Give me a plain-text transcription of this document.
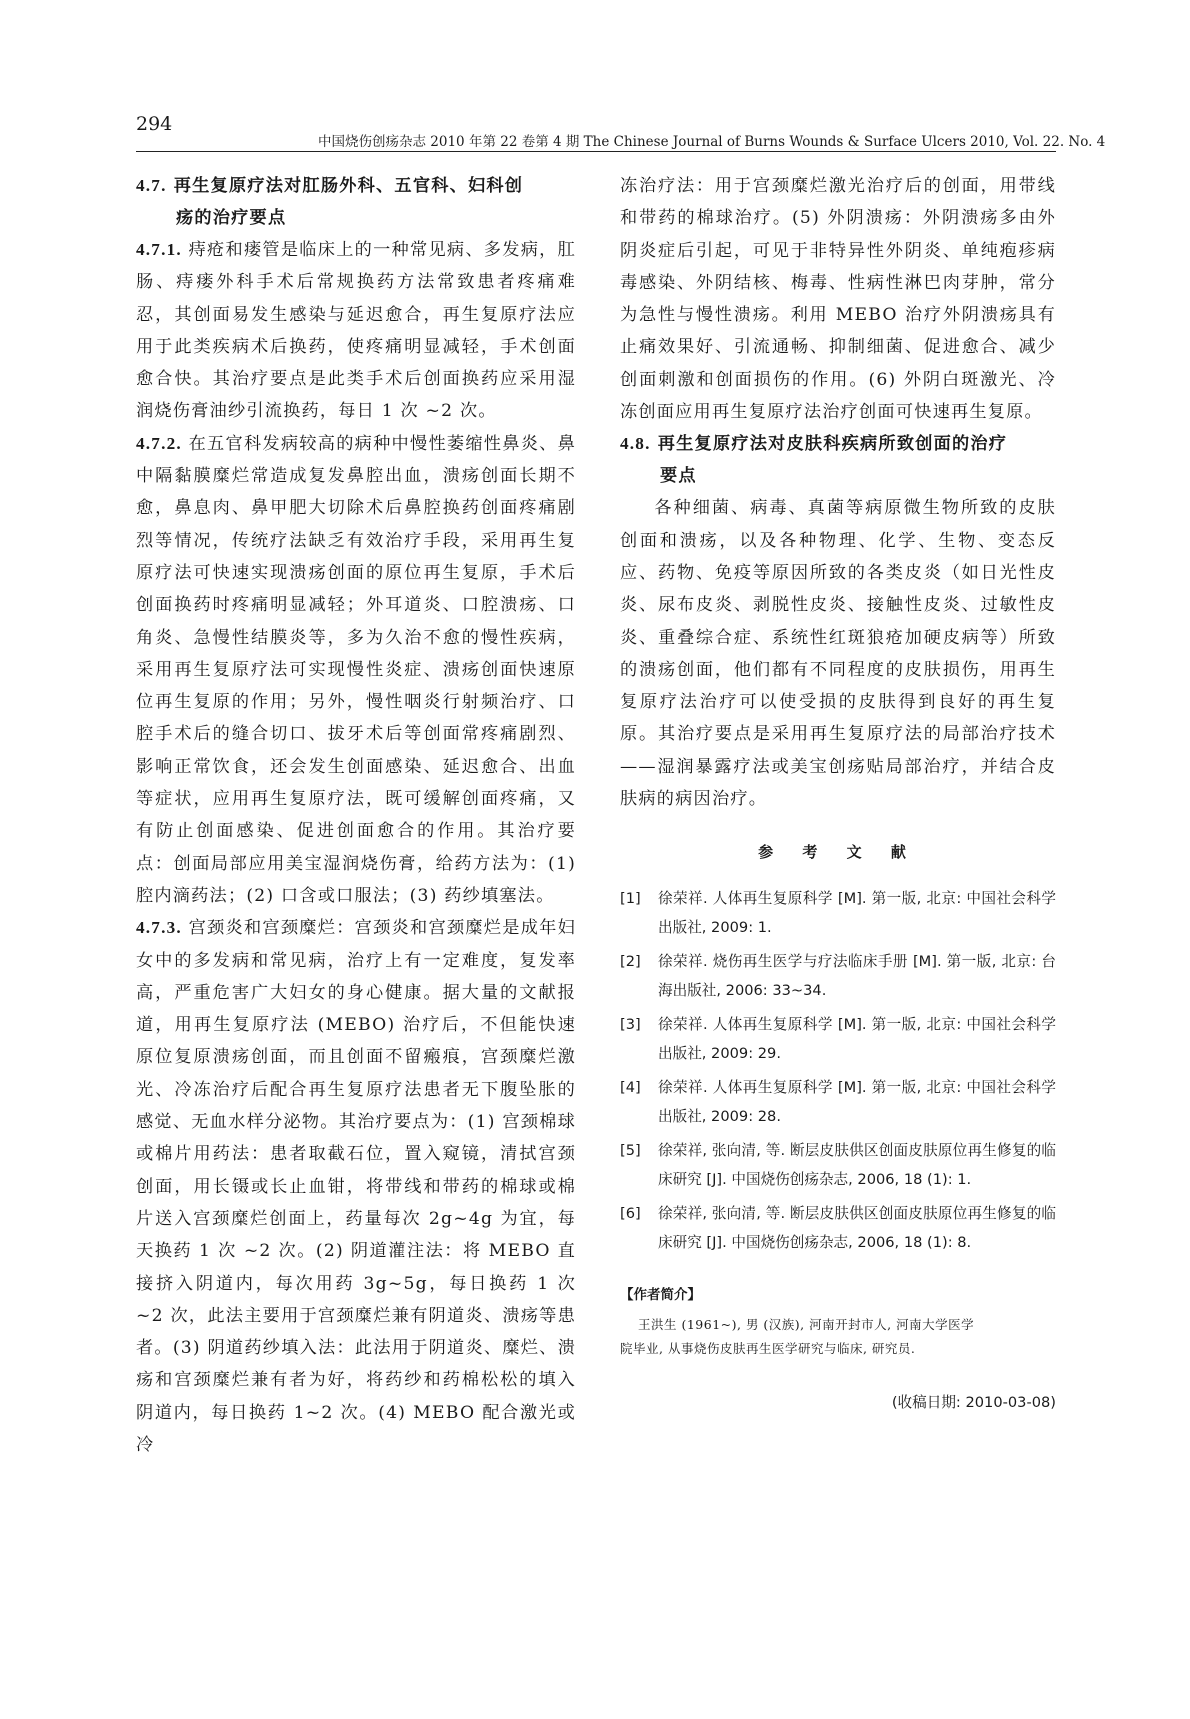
294
中国烧伤创疡杂志 2010 年第 22 卷第 4 期 The Chinese Journal of Burns Wounds & Surface Ulcers 2010, Vol. 22. No. 4
4.7. 再生复原疗法对肛肠外科、五官科、妇科创
疡的治疗要点

4.7.1. 痔疮和瘘管是临床上的一种常见病、多发病，肛肠、痔瘘外科手术后常规换药方法常致患者疼痛难忍，其创面易发生感染与延迟愈合，再生复原疗法应用于此类疾病术后换药，使疼痛明显减轻，手术创面愈合快。其治疗要点是此类手术后创面换药应采用湿润烧伤膏油纱引流换药，每日 1 次 ~2 次。

4.7.2. 在五官科发病较高的病种中慢性萎缩性鼻炎、鼻中隔黏膜糜烂常造成复发鼻腔出血，溃疡创面长期不愈，鼻息肉、鼻甲肥大切除术后鼻腔换药创面疼痛剧烈等情况，传统疗法缺乏有效治疗手段，采用再生复原疗法可快速实现溃疡创面的原位再生复原，手术后创面换药时疼痛明显减轻；外耳道炎、口腔溃疡、口角炎、急慢性结膜炎等，多为久治不愈的慢性疾病，采用再生复原疗法可实现慢性炎症、溃疡创面快速原位再生复原的作用；另外，慢性咽炎行射频治疗、口腔手术后的缝合切口、拔牙术后等创面常疼痛剧烈、影响正常饮食，还会发生创面感染、延迟愈合、出血等症状，应用再生复原疗法，既可缓解创面疼痛，又有防止创面感染、促进创面愈合的作用。其治疗要点：创面局部应用美宝湿润烧伤膏，给药方法为：(1) 腔内滴药法；(2) 口含或口服法；(3) 药纱填塞法。

4.7.3. 宫颈炎和宫颈糜烂：宫颈炎和宫颈糜烂是成年妇女中的多发病和常见病，治疗上有一定难度，复发率高，严重危害广大妇女的身心健康。据大量的文献报道，用再生复原疗法 (MEBO) 治疗后，不但能快速原位复原溃疡创面，而且创面不留瘢痕，宫颈糜烂激光、冷冻治疗后配合再生复原疗法患者无下腹坠胀的感觉、无血水样分泌物。其治疗要点为：(1) 宫颈棉球或棉片用药法：患者取截石位，置入窥镜，清拭宫颈创面，用长镊或长止血钳，将带线和带药的棉球或棉片送入宫颈糜烂创面上，药量每次 2g~4g 为宜，每天换药 1 次 ~2 次。(2) 阴道灌注法：将 MEBO 直接挤入阴道内，每次用药 3g~5g，每日换药 1 次 ~2 次，此法主要用于宫颈糜烂兼有阴道炎、溃疡等患者。(3) 阴道药纱填入法：此法用于阴道炎、糜烂、溃疡和宫颈糜烂兼有者为好，将药纱和药棉松松的填入阴道内，每日换药 1~2 次。(4) MEBO 配合激光或冷

冻治疗法：用于宫颈糜烂激光治疗后的创面，用带线和带药的棉球治疗。(5) 外阴溃疡：外阴溃疡多由外阴炎症后引起，可见于非特异性外阴炎、单纯疱疹病毒感染、外阴结核、梅毒、性病性淋巴肉芽肿，常分为急性与慢性溃疡。利用 MEBO 治疗外阴溃疡具有止痛效果好、引流通畅、抑制细菌、促进愈合、减少创面刺激和创面损伤的作用。(6) 外阴白斑激光、冷冻创面应用再生复原疗法治疗创面可快速再生复原。

4.8. 再生复原疗法对皮肤科疾病所致创面的治疗
要点

各种细菌、病毒、真菌等病原微生物所致的皮肤创面和溃疡，以及各种物理、化学、生物、变态反应、药物、免疫等原因所致的各类皮炎（如日光性皮炎、尿布皮炎、剥脱性皮炎、接触性皮炎、过敏性皮炎、重叠综合症、系统性红斑狼疮加硬皮病等）所致的溃疡创面，他们都有不同程度的皮肤损伤，用再生复原疗法治疗可以使受损的皮肤得到良好的再生复原。其治疗要点是采用再生复原疗法的局部治疗技术——湿润暴露疗法或美宝创疡贴局部治疗，并结合皮肤病的病因治疗。

参 考 文 献
[1]	徐荣祥. 人体再生复原科学 [M]. 第一版, 北京: 中国社会科学出版社, 2009: 1.
[2]	徐荣祥. 烧伤再生医学与疗法临床手册 [M]. 第一版, 北京: 台海出版社, 2006: 33~34.
[3]	徐荣祥. 人体再生复原科学 [M]. 第一版, 北京: 中国社会科学出版社, 2009: 29.
[4]	徐荣祥. 人体再生复原科学 [M]. 第一版, 北京: 中国社会科学出版社, 2009: 28.
[5]	徐荣祥, 张向清, 等. 断层皮肤供区创面皮肤原位再生修复的临床研究 [J]. 中国烧伤创疡杂志, 2006, 18 (1): 1.
[6]	徐荣祥, 张向清, 等. 断层皮肤供区创面皮肤原位再生修复的临床研究 [J]. 中国烧伤创疡杂志, 2006, 18 (1): 8.
【作者简介】
王洪生 (1961~), 男 (汉族), 河南开封市人, 河南大学医学
院毕业, 从事烧伤皮肤再生医学研究与临床, 研究员.
(收稿日期: 2010-03-08)
